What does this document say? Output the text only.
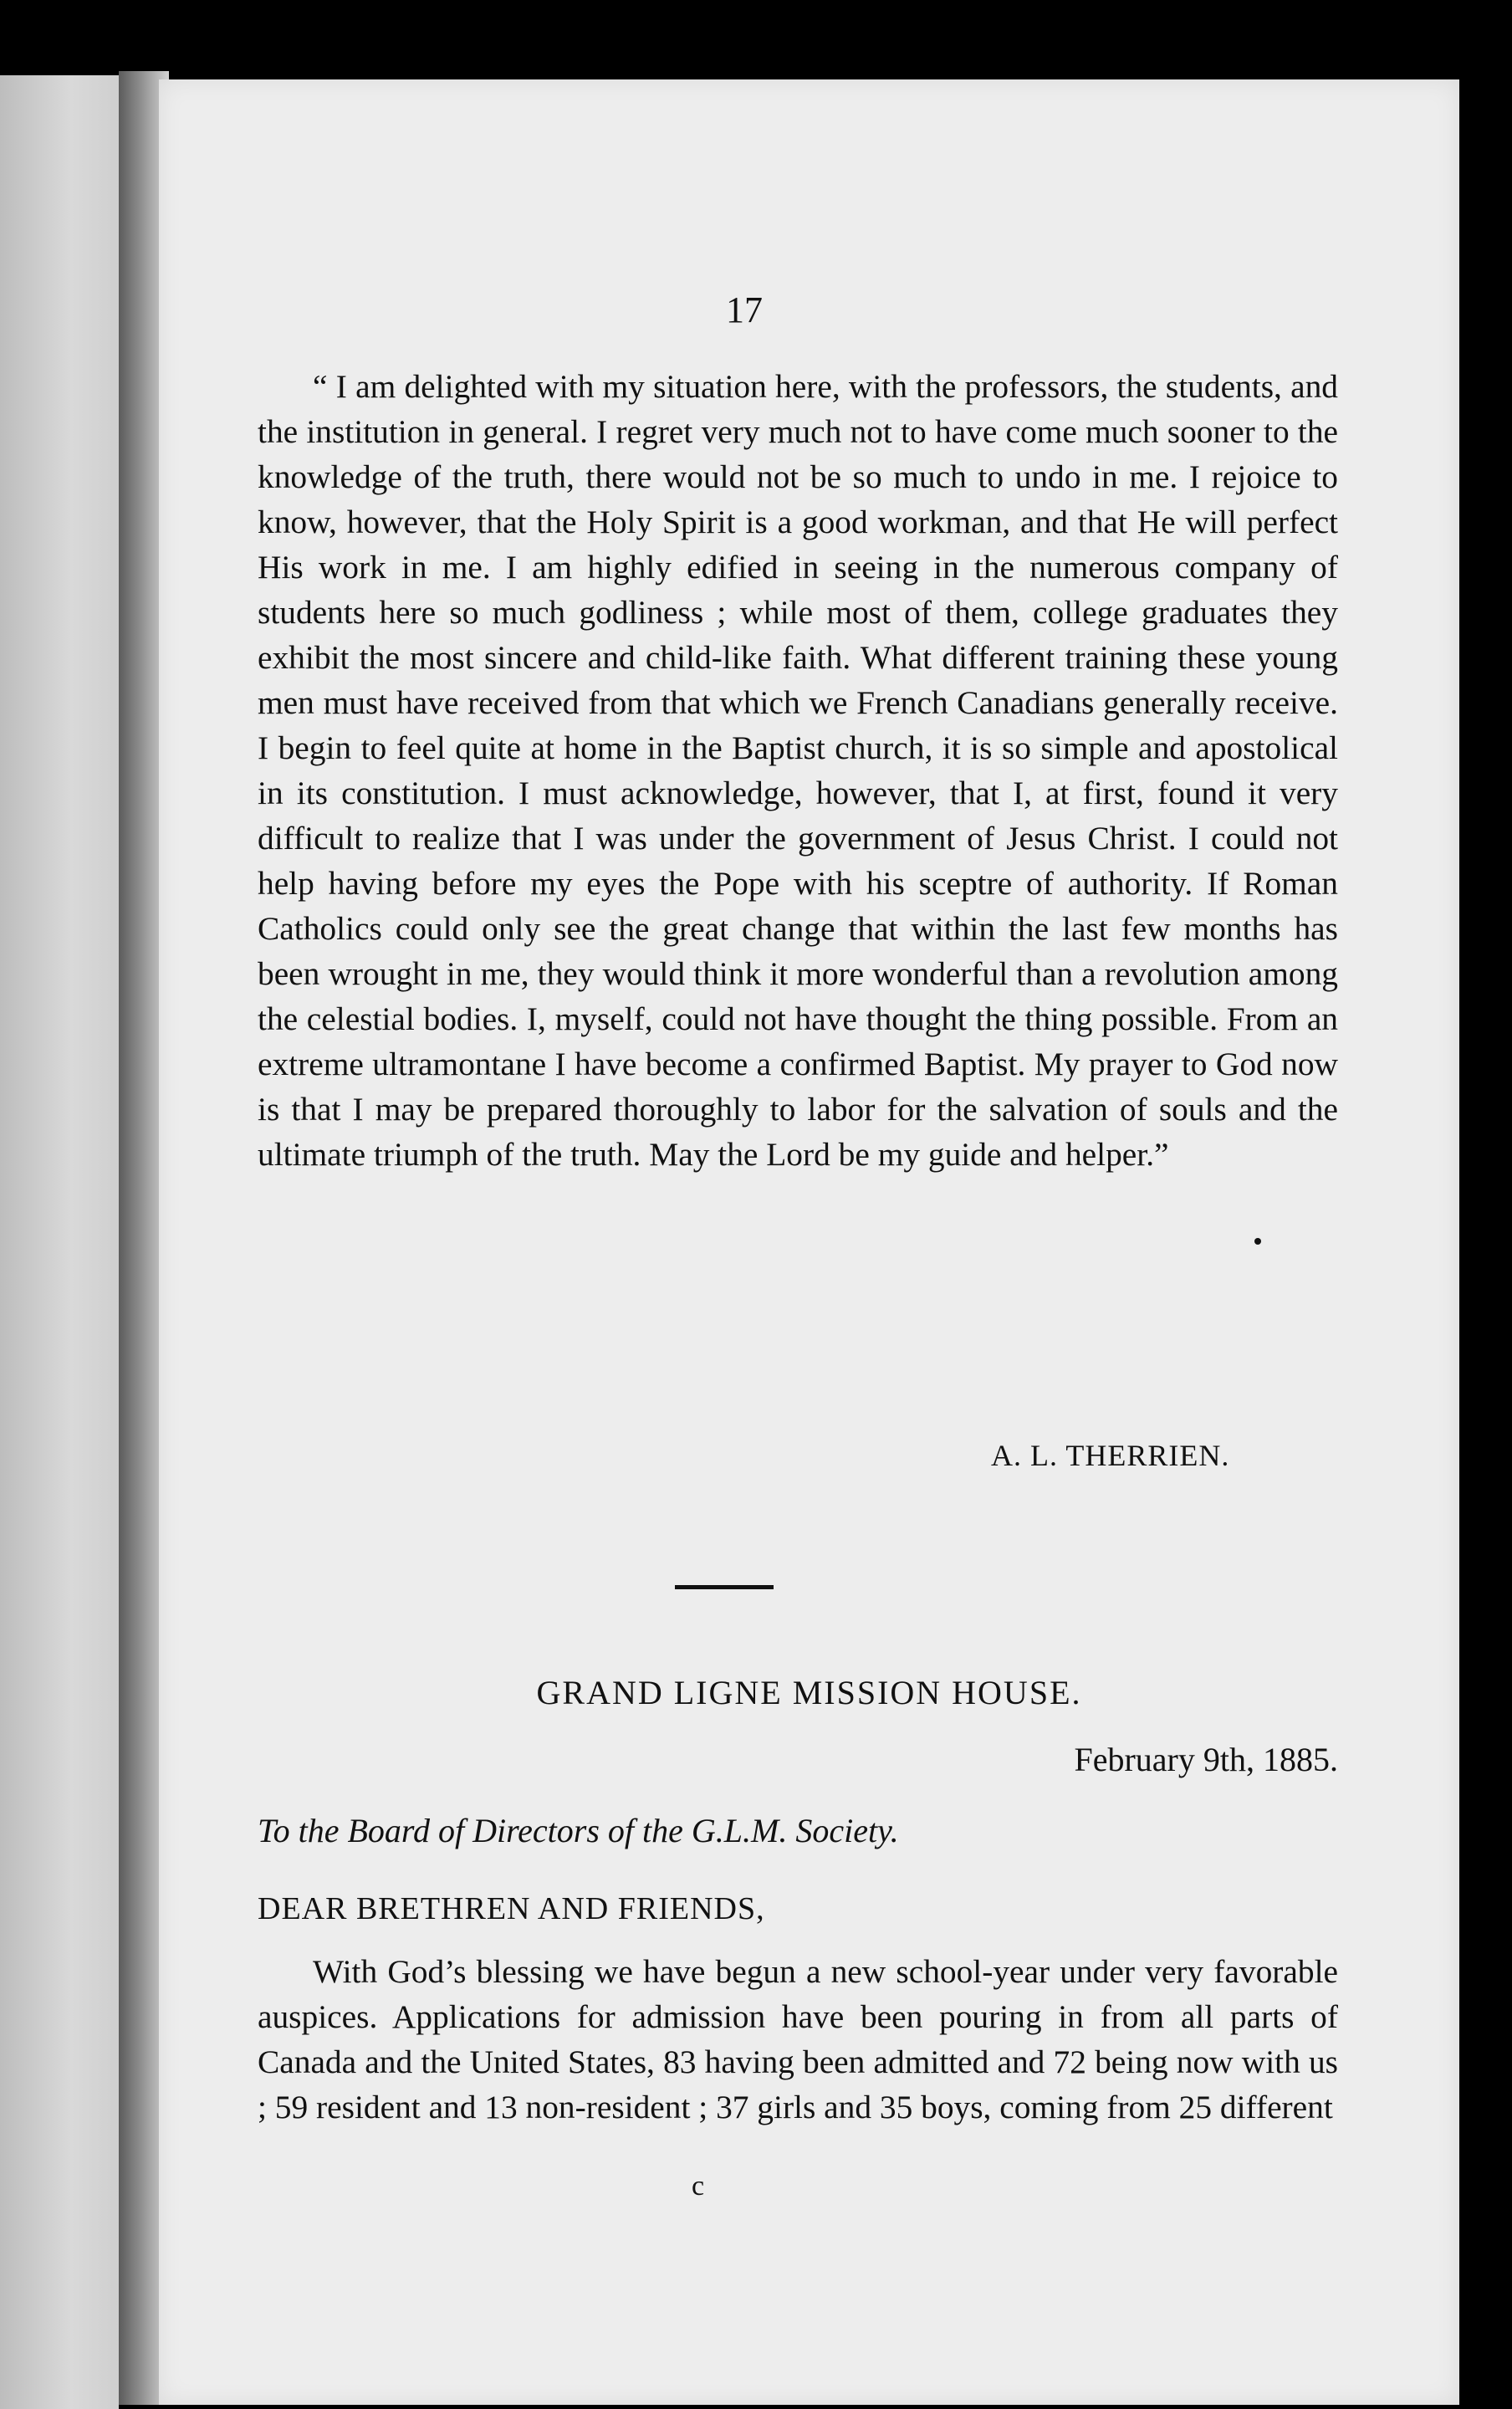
17

“ I am delighted with my situation here, with the professors, the students, and the institution in general. I regret very much not to have come much sooner to the knowledge of the truth, there would not be so much to undo in me. I rejoice to know, however, that the Holy Spirit is a good workman, and that He will perfect His work in me. I am highly edified in seeing in the numerous company of students here so much godliness ; while most of them, college graduates they exhibit the most sincere and child-like faith. What different training these young men must have received from that which we French Canadians generally receive. I begin to feel quite at home in the Baptist church, it is so simple and apostolical in its constitution. I must acknowledge, however, that I, at first, found it very difficult to realize that I was under the government of Jesus Christ. I could not help having before my eyes the Pope with his sceptre of authority. If Roman Catholics could only see the great change that within the last few months has been wrought in me, they would think it more wonderful than a revolution among the celestial bodies. I, myself, could not have thought the thing possible. From an extreme ultramontane I have become a confirmed Baptist. My prayer to God now is that I may be prepared thoroughly to labor for the salvation of souls and the ultimate triumph of the truth. May the Lord be my guide and helper.”

A. L. THERRIEN.
GRAND LIGNE MISSION HOUSE.
February 9th, 1885.
To the Board of Directors of the G.L.M. Society.
DEAR BRETHREN AND FRIENDS,

With God’s blessing we have begun a new school-year under very favorable auspices. Applications for admission have been pouring in from all parts of Canada and the United States, 83 having been admitted and 72 being now with us ; 59 resident and 13 non-resident ; 37 girls and 35 boys, coming from 25 different

c
